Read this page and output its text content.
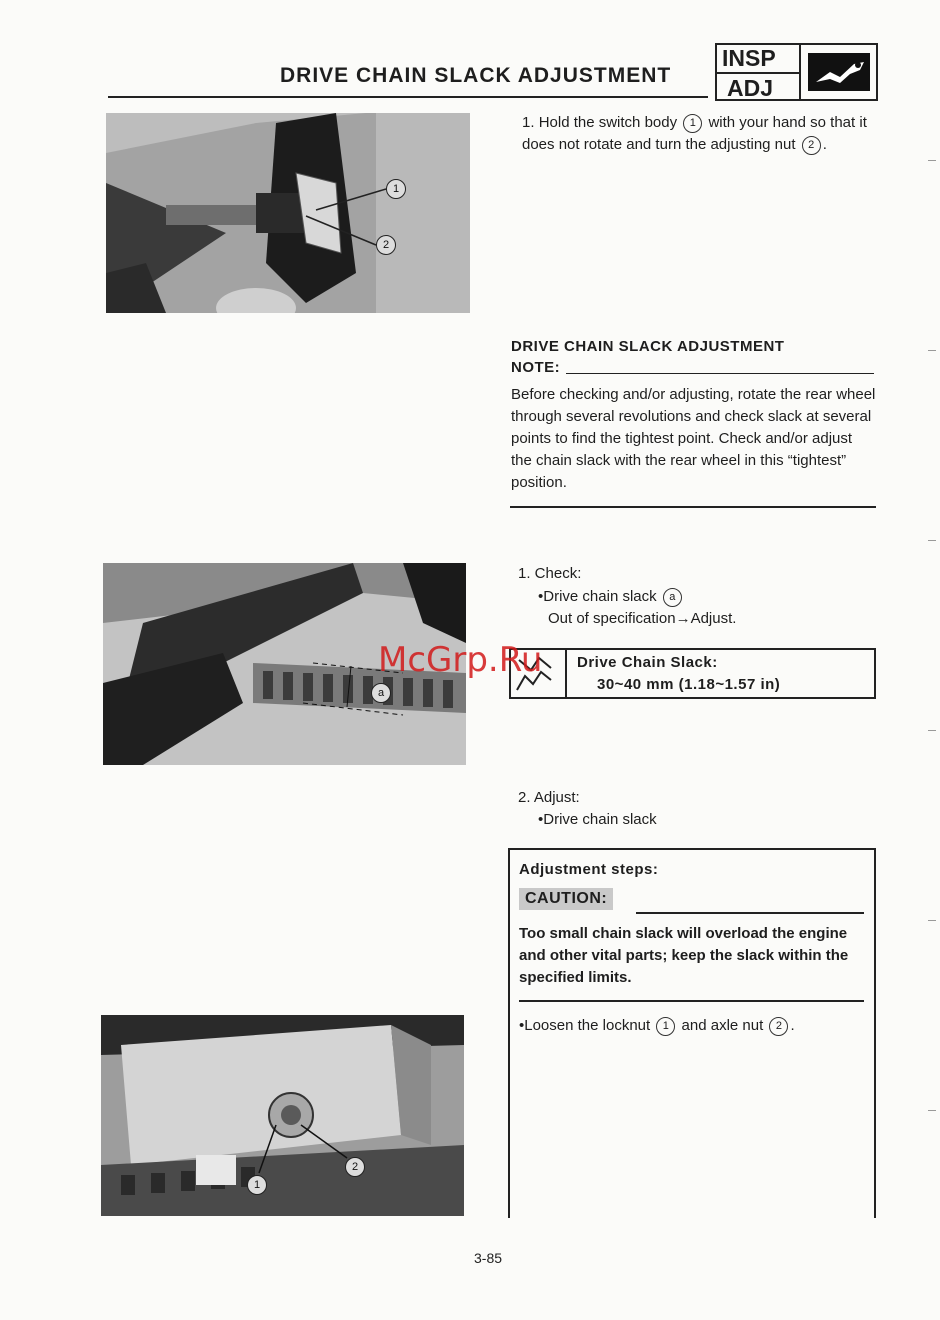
DRIVE CHAIN SLACK ADJUSTMENT
INSP
ADJ
1
2
1. Hold the switch body 1 with your hand so that it does not rotate and turn the adjusting nut 2 .
DRIVE CHAIN SLACK ADJUSTMENT
NOTE:
Before checking and/or adjusting, rotate the rear wheel through several revolutions and check slack at several points to find the tightest point. Check and/or adjust the chain slack with the rear wheel in this “tightest” position.
a
1. Check:
•Drive chain slack a
Out of specification→Adjust.
Drive Chain Slack:
30~40 mm (1.18~1.57 in)
McGrp.Ru
2. Adjust:
•Drive chain slack
Adjustment steps:
CAUTION:
Too small chain slack will overload the engine and other vital parts; keep the slack within the specified limits.
•Loosen the locknut 1 and axle nut 2 .
1
2
3-85
